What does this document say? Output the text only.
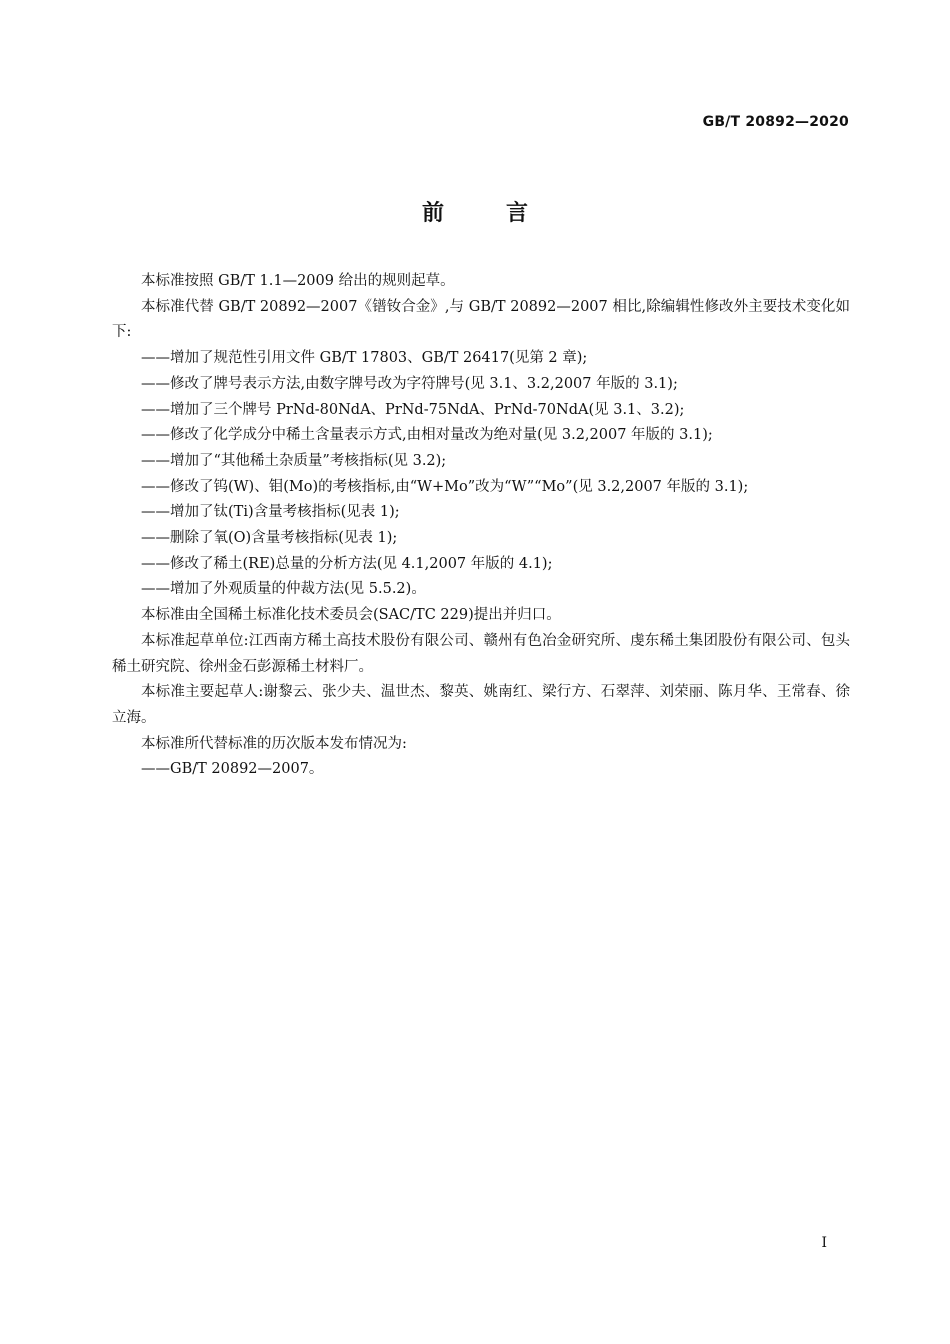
GB/T 20892—2020
前言

本标准按照 GB/T 1.1—2009 给出的规则起草。

本标准代替 GB/T 20892—2007《镨钕合金》,与 GB/T 20892—2007 相比,除编辑性修改外主要技术变化如下:

——增加了规范性引用文件 GB/T 17803、GB/T 26417(见第 2 章);

——修改了牌号表示方法,由数字牌号改为字符牌号(见 3.1、3.2,2007 年版的 3.1);

——增加了三个牌号 PrNd-80NdA、PrNd-75NdA、PrNd-70NdA(见 3.1、3.2);

——修改了化学成分中稀土含量表示方式,由相对量改为绝对量(见 3.2,2007 年版的 3.1);

——增加了“其他稀土杂质量”考核指标(见 3.2);

——修改了钨(W)、钼(Mo)的考核指标,由“W+Mo”改为“W”“Mo”(见 3.2,2007 年版的 3.1);

——增加了钛(Ti)含量考核指标(见表 1);

——删除了氧(O)含量考核指标(见表 1);

——修改了稀土(RE)总量的分析方法(见 4.1,2007 年版的 4.1);

——增加了外观质量的仲裁方法(见 5.5.2)。

本标准由全国稀土标准化技术委员会(SAC/TC 229)提出并归口。

本标准起草单位:江西南方稀土高技术股份有限公司、赣州有色冶金研究所、虔东稀土集团股份有限公司、包头稀土研究院、徐州金石彭源稀土材料厂。

本标准主要起草人:谢黎云、张少夫、温世杰、黎英、姚南红、梁行方、石翠萍、刘荣丽、陈月华、王常春、徐立海。

本标准所代替标准的历次版本发布情况为:

——GB/T 20892—2007。

I
